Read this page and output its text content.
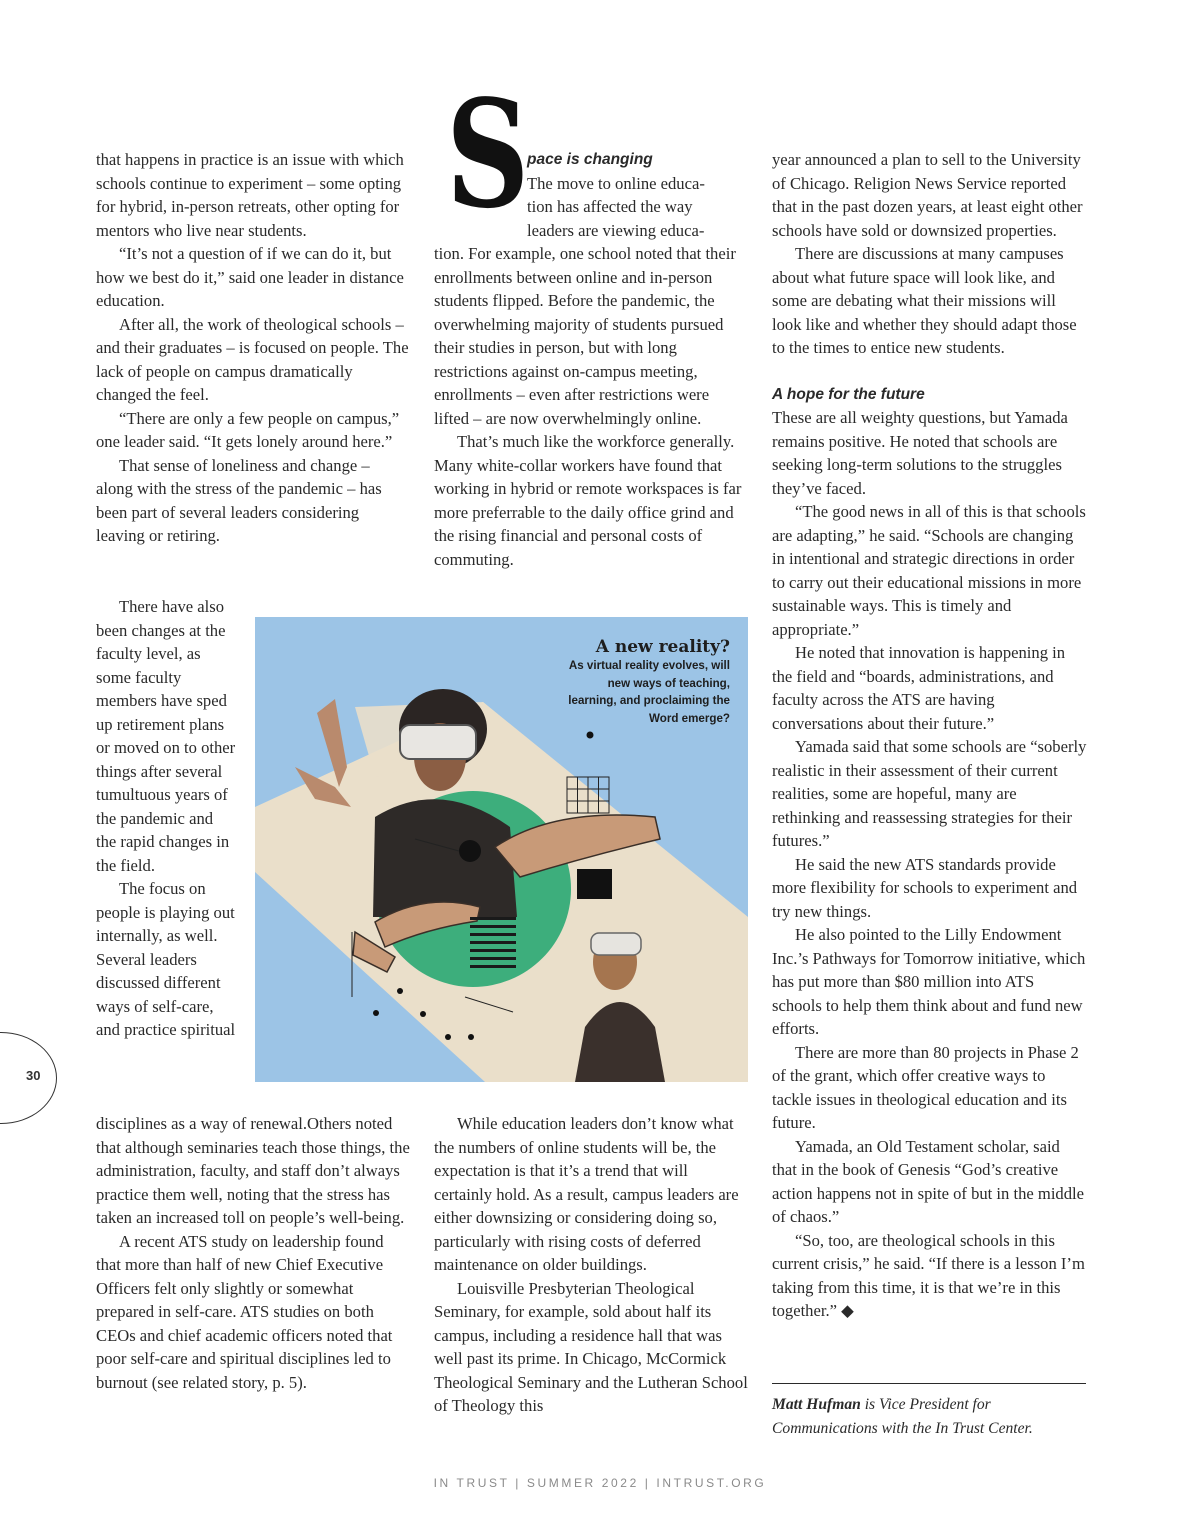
that happens in practice is an issue with which schools continue to experiment – some opting for hybrid, in-person retreats, other opting for mentors who live near students.

“It’s not a question of if we can do it, but how we best do it,” said one leader in distance education.

After all, the work of theological schools – and their graduates – is focused on people. The lack of people on campus dramatically changed the feel.

“There are only a few people on campus,” one leader said. “It gets lonely around here.”

That sense of loneliness and change – along with the stress of the pandemic – has been part of several leaders considering leaving or retiring.

There have also been changes at the faculty level, as some faculty members have sped up retirement plans or moved on to other things after several tumultuous years of the pandemic and the rapid changes in the field.

The focus on people is playing out internally, as well. Several leaders discussed different ways of self-care, and practice spiritual

disciplines as a way of renewal.Others noted that although seminaries teach those things, the administration, faculty, and staff don’t always practice them well, noting that the stress has taken an increased toll on people’s well-being.

A recent ATS study on leadership found that more than half of new Chief Executive Officers felt only slightly or somewhat prepared in self-care. ATS studies on both CEOs and chief academic officers noted that poor self-care and spiritual disciplines led to burnout (see related story, p. 5).

S
pace is changing
The move to online educa-
tion has affected the way
leaders are viewing educa-

tion. For example, one school noted that their enrollments between online and in-person students flipped. Before the pandemic, the overwhelming majority of students pursued their studies in person, but with long restrictions against on-campus meeting, enrollments – even after restrictions were lifted – are now overwhelmingly online.

That’s much like the workforce generally. Many white-collar workers have found that working in hybrid or remote workspaces is far more preferrable to the daily office grind and the rising financial and personal costs of commuting.

While education leaders don’t know what the numbers of online students will be, the expectation is that it’s a trend that will certainly hold. As a result, campus leaders are either downsizing or considering doing so, particularly with rising costs of deferred maintenance on older buildings.

Louisville Presbyterian Theological Seminary, for example, sold about half its campus, including a residence hall that was well past its prime. In Chicago, McCormick Theological Seminary and the Lutheran School of Theology this

A new reality?
As virtual reality evolves, will new ways of teaching, learning, and proclaiming the Word emerge?

year announced a plan to sell to the University of Chicago. Religion News Service reported that in the past dozen years, at least eight other schools have sold or downsized properties.

There are discussions at many campuses about what future space will look like, and some are debating what their missions will look like and whether they should adapt those to the times to entice new students.

A hope for the future

These are all weighty questions, but Yamada remains positive. He noted that schools are seeking long-term solutions to the struggles they’ve faced.

“The good news in all of this is that schools are adapting,” he said. “Schools are changing in intentional and strategic directions in order to carry out their educational missions in more sustainable ways. This is timely and appropriate.”

He noted that innovation is happening in the field and “boards, administrations, and faculty across the ATS are having conversations about their future.”

Yamada said that some schools are “soberly realistic in their assessment of their current realities, some are hopeful, many are rethinking and reassessing strategies for their futures.”

He said the new ATS standards provide more flexibility for schools to experiment and try new things.

He also pointed to the Lilly Endowment Inc.’s Pathways for Tomorrow initiative, which has put more than $80 million into ATS schools to help them think about and fund new efforts.

There are more than 80 projects in Phase 2 of the grant, which offer creative ways to tackle issues in theological education and its future.

Yamada, an Old Testament scholar, said that in the book of Genesis “God’s creative action happens not in spite of but in the middle of chaos.”

“So, too, are theological schools in this current crisis,” he said. “If there is a lesson I’m taking from this time, it is that we’re in this together.” ◆

Matt Hufman is Vice President for Communications with the In Trust Center.
30
IN TRUST | SUMMER 2022 | INTRUST.ORG
